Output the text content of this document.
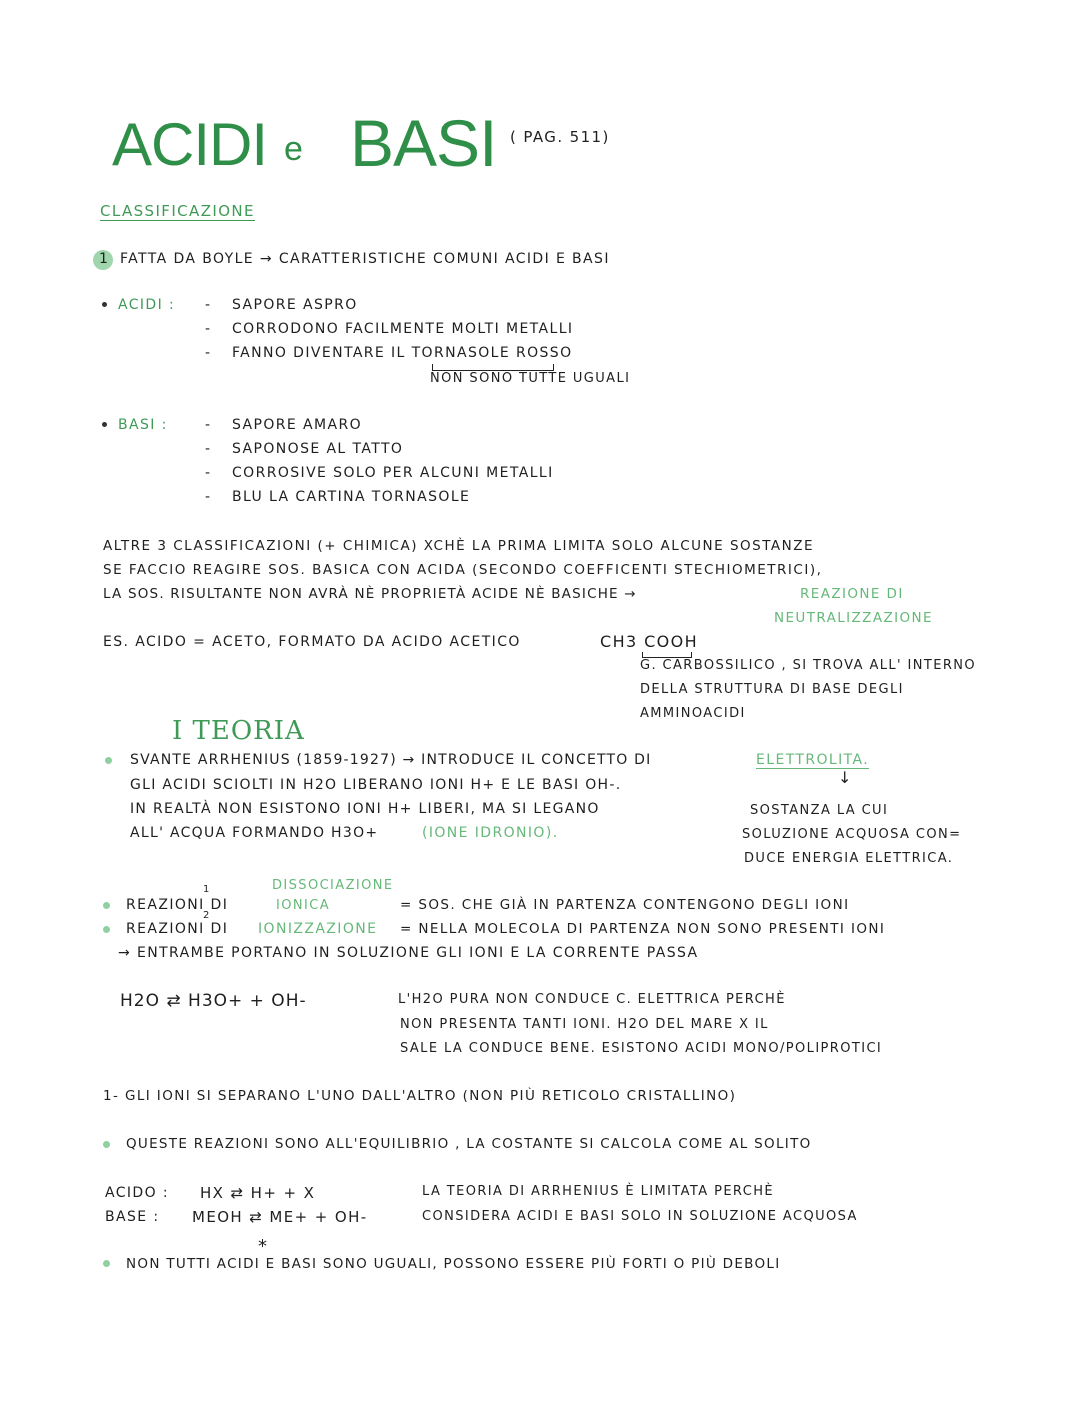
ACIDI e BASI ( PAG. 511)
CLASSIFICAZIONE
1 FATTA DA BOYLE → CARATTERISTICHE COMUNI ACIDI E BASI
ACIDI : -
-
-
SAPORE ASPRO
CORRODONO FACILMENTE MOLTI METALLI
FANNO DIVENTARE IL TORNASOLE ROSSO
NON SONO TUTTE UGUALI
BASI :	-
-
-
-
SAPORE AMARO
SAPONOSE AL TATTO
CORROSIVE SOLO PER ALCUNI METALLI
BLU LA CARTINA TORNASOLE
ALTRE 3 CLASSIFICAZIONI (+ CHIMICA) XCHÈ LA PRIMA LIMITA SOLO ALCUNE SOSTANZE
SE FACCIO REAGIRE SOS. BASICA CON ACIDA (SECONDO COEFFICENTI STECHIOMETRICI),
LA SOS. RISULTANTE NON AVRÀ NÈ PROPRIETÀ ACIDE NÈ BASICHE →	REAZIONE DI
NEUTRALIZZAZIONE
ES. ACIDO = ACETO, FORMATO DA ACIDO ACETICO	CH3 COOH
G. CARBOSSILICO , SI TROVA ALL' INTERNO
DELLA STRUTTURA DI BASE DEGLI
AMMINOACIDI
I TEORIA
SVANTE ARRHENIUS (1859-1927) → INTRODUCE IL CONCETTO DI	ELETTROLITA.
↓
GLI ACIDI SCIOLTI IN H2O LIBERANO IONI H+ E LE BASI OH-.
IN REALTÀ NON ESISTONO IONI H+ LIBERI, MA SI LEGANO
ALL' ACQUA FORMANDO H3O+	(IONE IDRONIO).
SOSTANZA LA CUI
SOLUZIONE ACQUOSA CON=
DUCE ENERGIA ELETTRICA.
DISSOCIAZIONE
IONICA
1
2
REAZIONI DI	= SOS. CHE GIÀ IN PARTENZA CONTENGONO DEGLI IONI
REAZIONI DI IONIZZAZIONE = NELLA MOLECOLA DI PARTENZA NON SONO PRESENTI IONI
→ ENTRAMBE PORTANO IN SOLUZIONE GLI IONI E LA CORRENTE PASSA
H2O ⇄ H3O+ + OH-	L'H2O PURA NON CONDUCE C. ELETTRICA PERCHÈ
NON PRESENTA TANTI IONI. H2O DEL MARE X IL
SALE LA CONDUCE BENE. ESISTONO ACIDI MONO/POLIPROTICI
1- GLI IONI SI SEPARANO L'UNO DALL'ALTRO (NON PIÙ RETICOLO CRISTALLINO)
QUESTE REAZIONI SONO ALL'EQUILIBRIO , LA COSTANTE SI CALCOLA COME AL SOLITO
ACIDO : HX ⇄ H+ + X
BASE : MEOH ⇄ ME+ + OH-
LA TEORIA DI ARRHENIUS È LIMITATA PERCHÈ
CONSIDERA ACIDI E BASI SOLO IN SOLUZIONE ACQUOSA
*
NON TUTTI ACIDI E BASI SONO UGUALI, POSSONO ESSERE PIÙ FORTI O PIÙ DEBOLI
